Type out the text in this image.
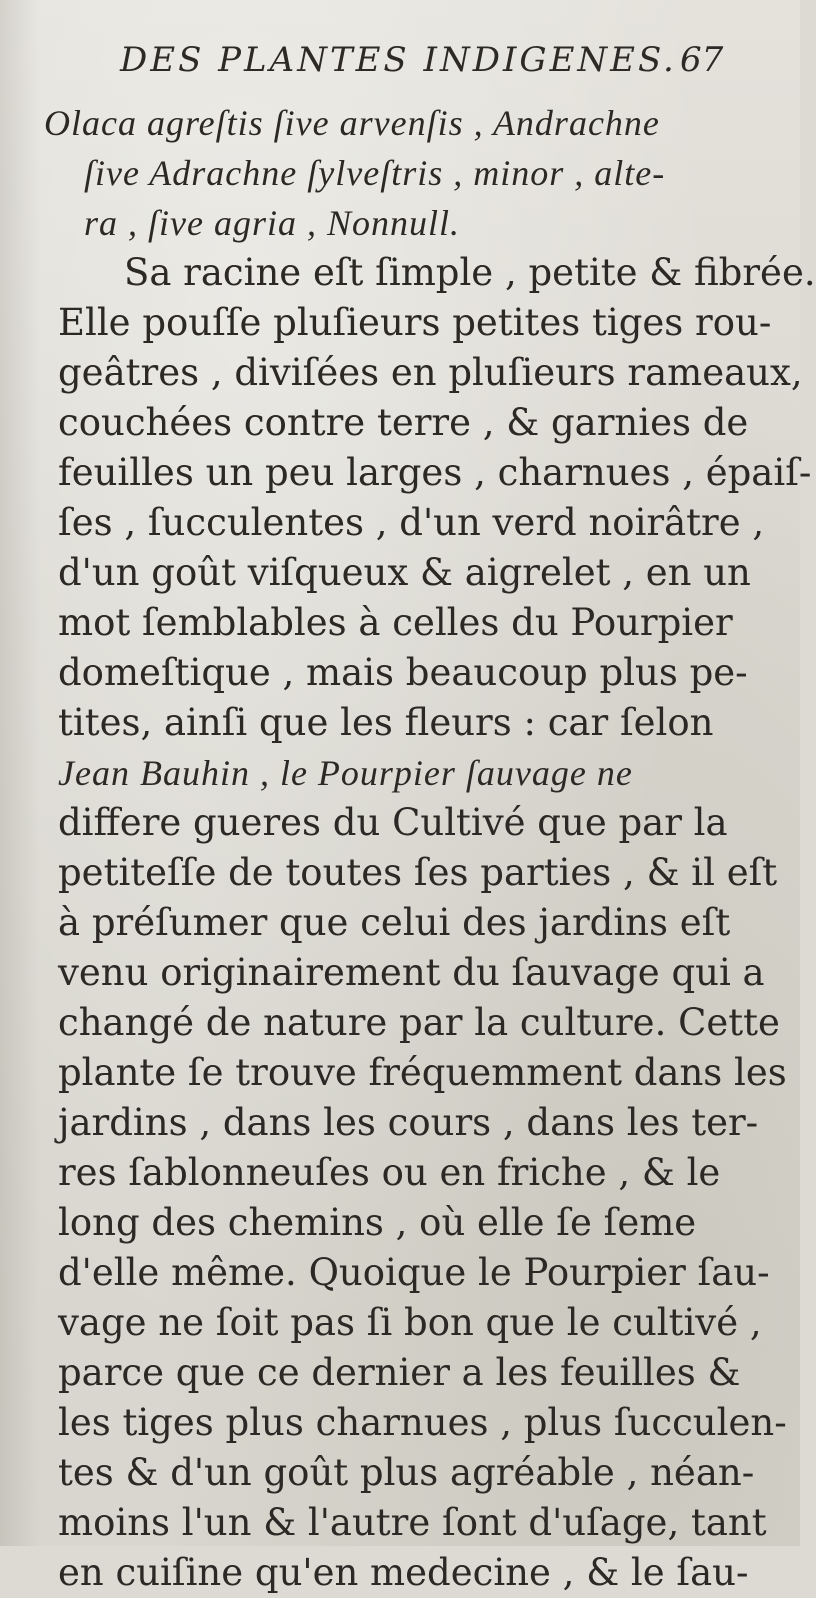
DES PLANTES INDIGENES. 67
Olaca agreſtis ſive arvenſis , Andrachne
ſive Adrachne ſylveſtris , minor , alte-
ra , ſive agria , Nonnull.
Sa racine eſt ſimple , petite & fibrée.
Elle pouſſe pluſieurs petites tiges rou-
geâtres , diviſées en pluſieurs rameaux,
couchées contre terre , & garnies de
feuilles un peu larges , charnues , épaiſ-
ſes , ſucculentes , d'un verd noirâtre ,
d'un goût viſqueux & aigrelet , en un
mot ſemblables à celles du Pourpier
domeſtique , mais beaucoup plus pe-
tites, ainſi que les fleurs : car ſelon
Jean Bauhin , le Pourpier ſauvage ne
differe gueres du Cultivé que par la
petiteſſe de toutes ſes parties , & il eſt
à préſumer que celui des jardins eſt
venu originairement du ſauvage qui a
changé de nature par la culture. Cette
plante ſe trouve fréquemment dans les
jardins , dans les cours , dans les ter-
res ſablonneuſes ou en friche , & le
long des chemins , où elle ſe ſeme
d'elle même. Quoique le Pourpier ſau-
vage ne ſoit pas ſi bon que le cultivé ,
parce que ce dernier a les feuilles &
les tiges plus charnues , plus ſucculen-
tes & d'un goût plus agréable , néan-
moins l'un & l'autre ſont d'uſage, tant
en cuiſine qu'en medecine , & le ſau-
